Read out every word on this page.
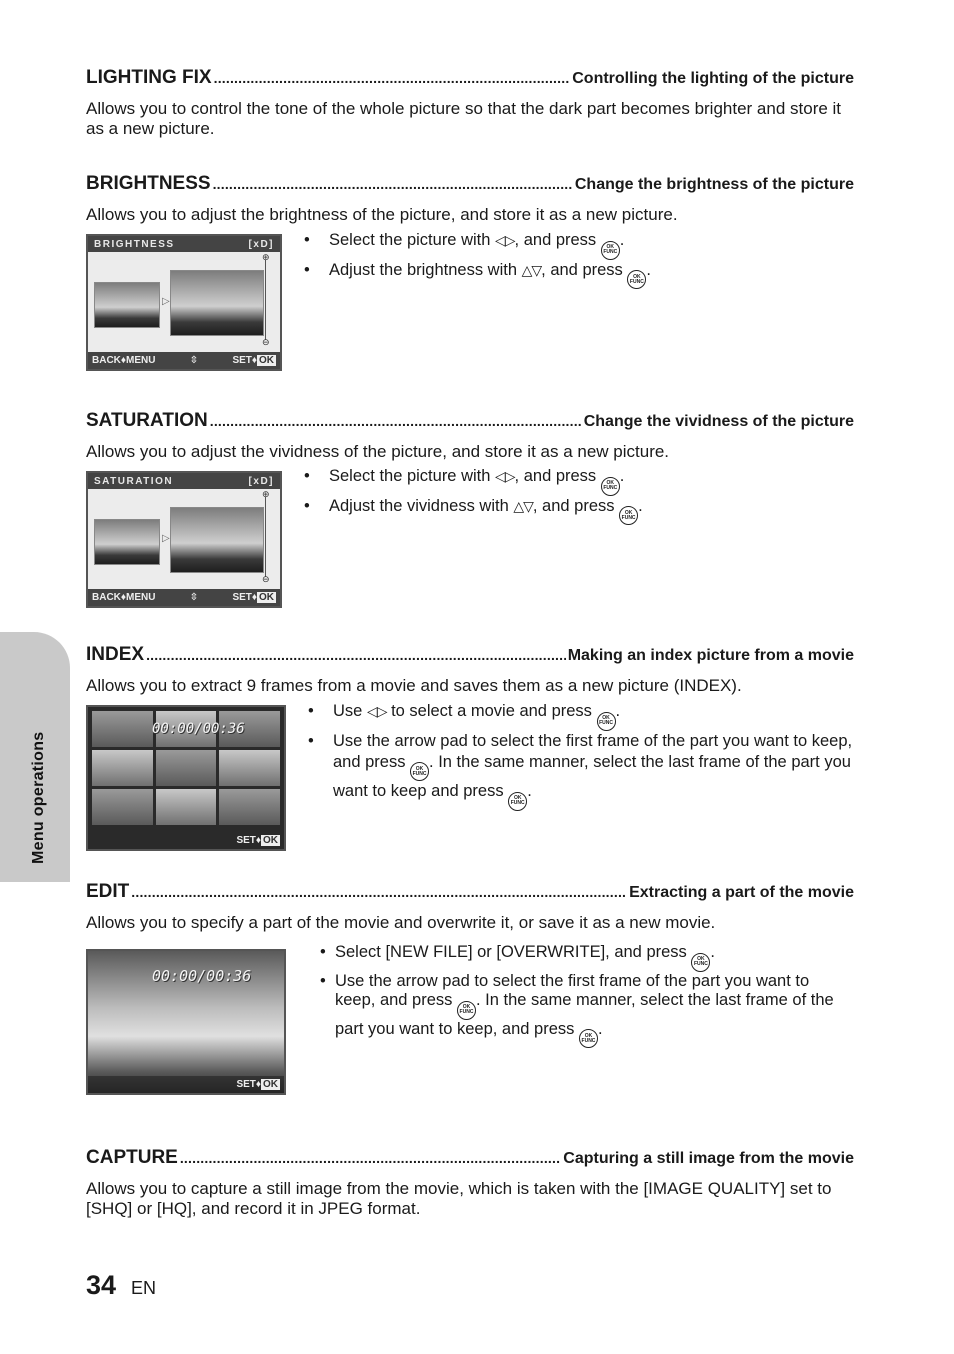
Menu operations
LIGHTING FIX .....	Controlling the lighting of the picture

Allows you to control the tone of the whole picture so that the dark part becomes brighter and store it as a new picture.

BRIGHTNESS .....	Change the brightness of the picture

Allows you to adjust the brightness of the picture, and store it as a new picture.

BRIGHTNESS	[xD]
▷
⊕
⊖
BACK♦MENU	⇳	SET♦ OK
• Select the picture with ◁▷, and press OK
FUNC
.
• Adjust the brightness with △▽, and press OK
FUNC
.
SATURATION .....	Change the vividness of the picture

Allows you to adjust the vividness of the picture, and store it as a new picture.

SATURATION	[xD]
▷
⊕
⊖
BACK♦MENU	⇳	SET♦ OK
• Select the picture with ◁▷, and press OK
FUNC
.
• Adjust the vividness with △▽, and press OK
FUNC
.
INDEX .....	Making an index picture from a movie

Allows you to extract 9 frames from a movie and saves them as a new picture (INDEX).

00:00/00:36
SET♦ OK
• Use ◁▷ to select a movie and press OK
FUNC
.
• Use the arrow pad to select the first frame of the part you want to keep, and press OK
FUNC
. In the same manner, select the last frame of the part you want to keep and press OK
FUNC
.
EDIT .....	Extracting a part of the movie

Allows you to specify a part of the movie and overwrite it, or save it as a new movie.

00:00/00:36
SET♦ OK
• Select [NEW FILE] or [OVERWRITE], and press OK
FUNC
.
• Use the arrow pad to select the first frame of the part you want to keep, and press OK
FUNC
. In the same manner, select the last frame of the part you want to keep, and press OK
FUNC
.
CAPTURE .....	Capturing a still image from the movie

Allows you to capture a still image from the movie, which is taken with the [IMAGE QUALITY] set to [SHQ] or [HQ], and record it in JPEG format.

34 EN
